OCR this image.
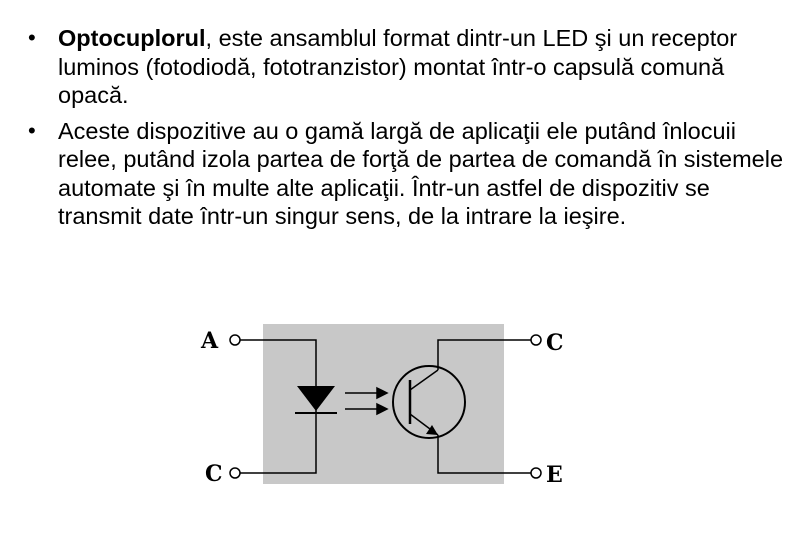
• Optocuplorul, este ansamblul format dintr-un LED şi un receptor luminos (fotodiodă, fototranzistor) montat într-o capsulă comună opacă.
• Aceste dispozitive au o gamă largă de aplicaţii ele putând înlocuii relee, putând izola partea de forţă de partea de comandă în sistemele automate şi în multe alte aplicaţii. Într-un astfel de dispozitiv se transmit date într-un singur sens, de la intrare la ieşire.
A
C
C
E
